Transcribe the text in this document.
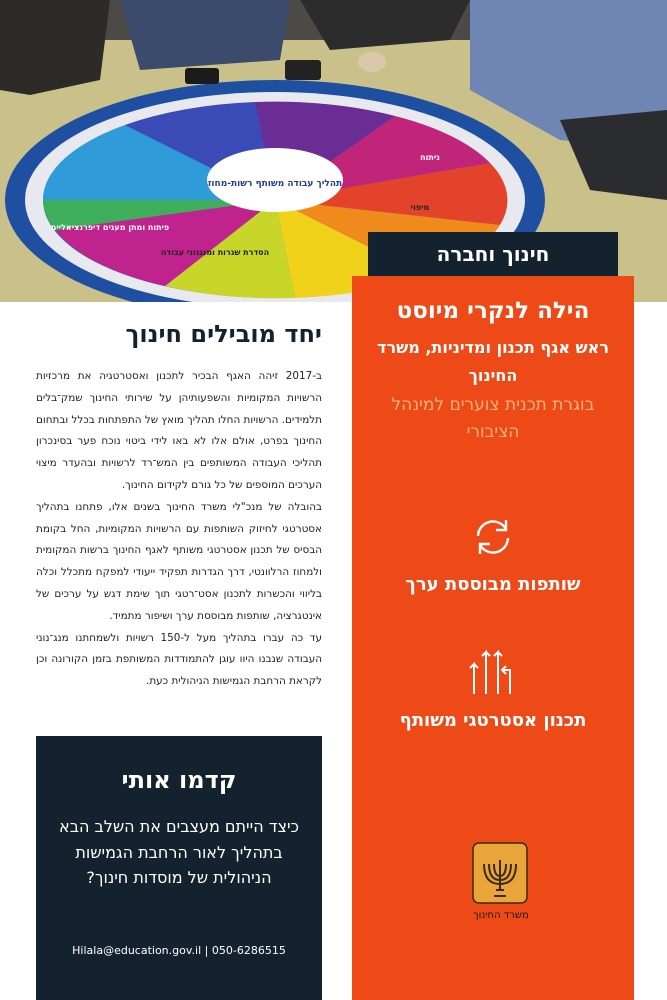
תהליך עבודה משותף רשות-מחוז
הסדרת שגרות ומנגנוני עבודה
פיתוח ומתן מענים דיפרנציאליים
מיפוי
ניתוח
חינוך וחברה
הילה לנקרי מיוסט
ראש אגף תכנון ומדיניות, משרד החינוך
בוגרת תכנית צוערים למינהל הציבורי
שותפות מבוססת ערך
תכנון אסטרטגי משותף
משרד החינוך
יחד מובילים חינוך

ב-2017 זיהה האגף הבכיר לתכנון ואסטרטגיה את מרכזיות הרשויות המקומיות והשפעותיהן על שירותי החינוך שמק־בלים תלמידים. הרשויות החלו תהליך מואץ של התפתחות בכלל ובתחום החינוך בפרט, אולם אלו לא באו לידי ביטוי נוכח פער בסינכרון תהליכי העבודה המשותפים בין המש־רד לרשויות ובהעדר מיצוי הערכים המוספים של כל גורם לקידום החינוך.

בהובלה של מנכ"לי משרד החינוך בשנים אלו, פתחנו בתהליך אסטרטגי לחיזוק השותפות עם הרשויות המקומיות, החל בקומת הבסיס של תכנון אסטרטגי משותף לאגף החינוך ברשות המקומית ולמחוז הרלוונטי, דרך הגדרות תפקיד ייעודי למפקח מתכלל וכלה בליווי והכשרות לתכנון אסט־רטגי תוך שימת דגש על ערכים של אינטגרציה, שותפות מבוססת ערך ושיפור מתמיד.

עד כה עברו בתהליך מעל ל-150 רשויות ולשמחתנו מנג־נוני העבודה שנבנו היוו עוגן להתמודדות המשותפת בזמן הקורונה וכן לקראת הרחבת הגמישות הניהולית כעת.

קדמו אותי
כיצד הייתם מעצבים את השלב הבא בתהליך לאור הרחבת הגמישות הניהולית של מוסדות חינוך?
050-6286515 | Hilala@education.gov.il
